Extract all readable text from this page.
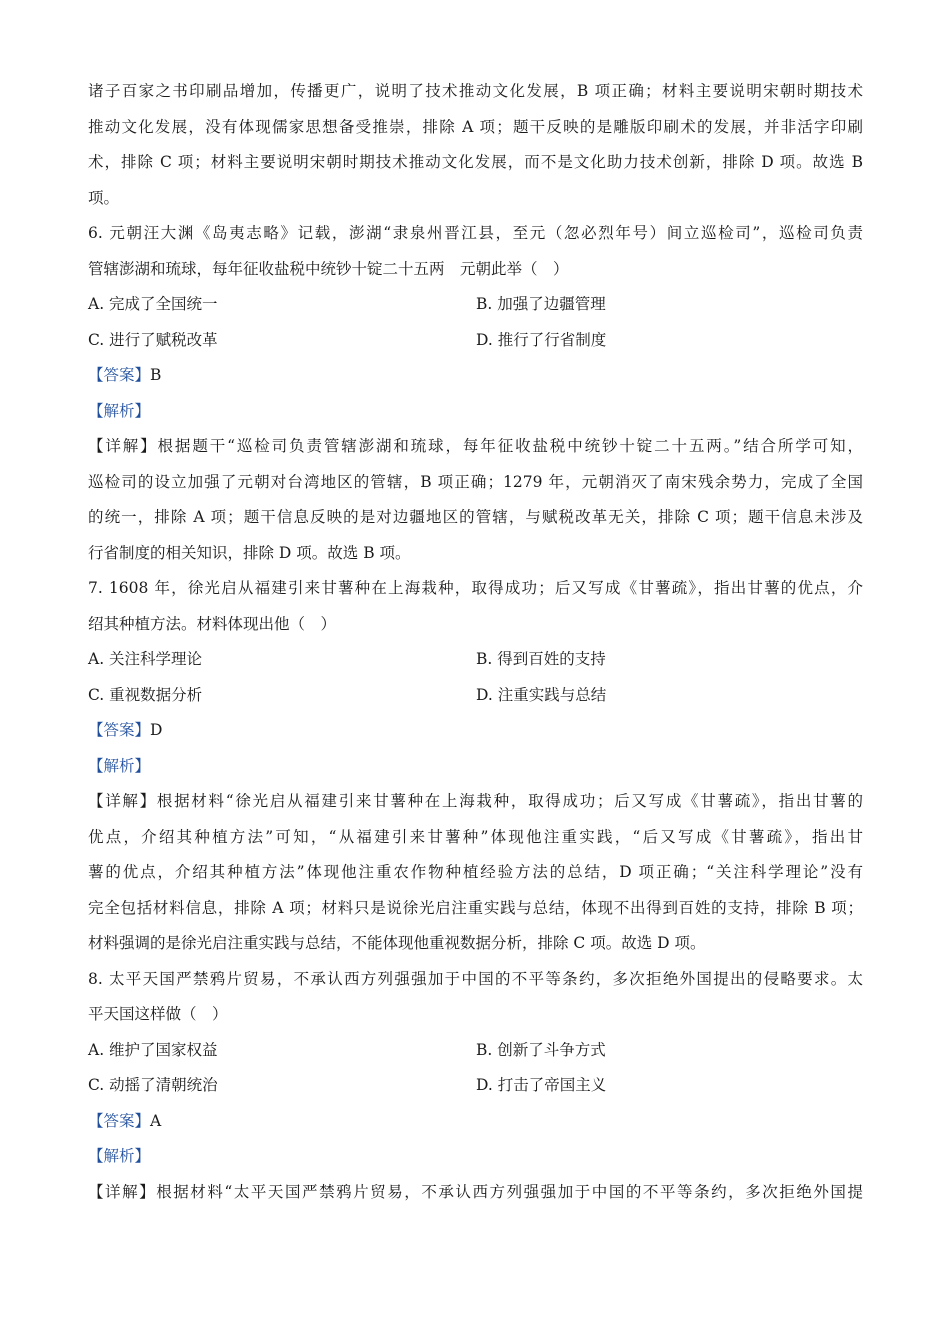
诸子百家之书印刷品增加，传播更广，说明了技术推动文化发展，B 项正确；材料主要说明宋朝时期技术
推动文化发展，没有体现儒家思想备受推崇，排除 A 项；题干反映的是雕版印刷术的发展，并非活字印刷
术，排除 C 项；材料主要说明宋朝时期技术推动文化发展，而不是文化助力技术创新，排除 D 项。故选 B
项。
6. 元朝汪大渊《岛夷志略》记载，澎湖“隶泉州晋江县，至元（忽必烈年号）间立巡检司”，巡检司负责
管辖澎湖和琉球，每年征收盐税中统钞十锭二十五两　元朝此举（　）
A. 完成了全国统一	B. 加强了边疆管理
C. 进行了赋税改革	D. 推行了行省制度
【答案】B
【解析】
【详解】根据题干“巡检司负责管辖澎湖和琉球，每年征收盐税中统钞十锭二十五两。”结合所学可知，
巡检司的设立加强了元朝对台湾地区的管辖，B 项正确；1279 年，元朝消灭了南宋残余势力，完成了全国
的统一，排除 A 项；题干信息反映的是对边疆地区的管辖，与赋税改革无关，排除 C 项；题干信息未涉及
行省制度的相关知识，排除 D 项。故选 B 项。
7. 1608 年，徐光启从福建引来甘薯种在上海栽种，取得成功；后又写成《甘薯疏》，指出甘薯的优点，介
绍其种植方法。材料体现出他（　）
A. 关注科学理论	B. 得到百姓的支持
C. 重视数据分析	D. 注重实践与总结
【答案】D
【解析】
【详解】根据材料“徐光启从福建引来甘薯种在上海栽种，取得成功；后又写成《甘薯疏》，指出甘薯的
优点，介绍其种植方法”可知，“从福建引来甘薯种”体现他注重实践，“后又写成《甘薯疏》，指出甘
薯的优点，介绍其种植方法”体现他注重农作物种植经验方法的总结，D 项正确；“关注科学理论”没有
完全包括材料信息，排除 A 项；材料只是说徐光启注重实践与总结，体现不出得到百姓的支持，排除 B 项；
材料强调的是徐光启注重实践与总结，不能体现他重视数据分析，排除 C 项。故选 D 项。
8. 太平天国严禁鸦片贸易，不承认西方列强强加于中国的不平等条约，多次拒绝外国提出的侵略要求。太
平天国这样做（　）
A. 维护了国家权益	B. 创新了斗争方式
C. 动摇了清朝统治	D. 打击了帝国主义
【答案】A
【解析】
【详解】根据材料“太平天国严禁鸦片贸易，不承认西方列强强加于中国的不平等条约，多次拒绝外国提
